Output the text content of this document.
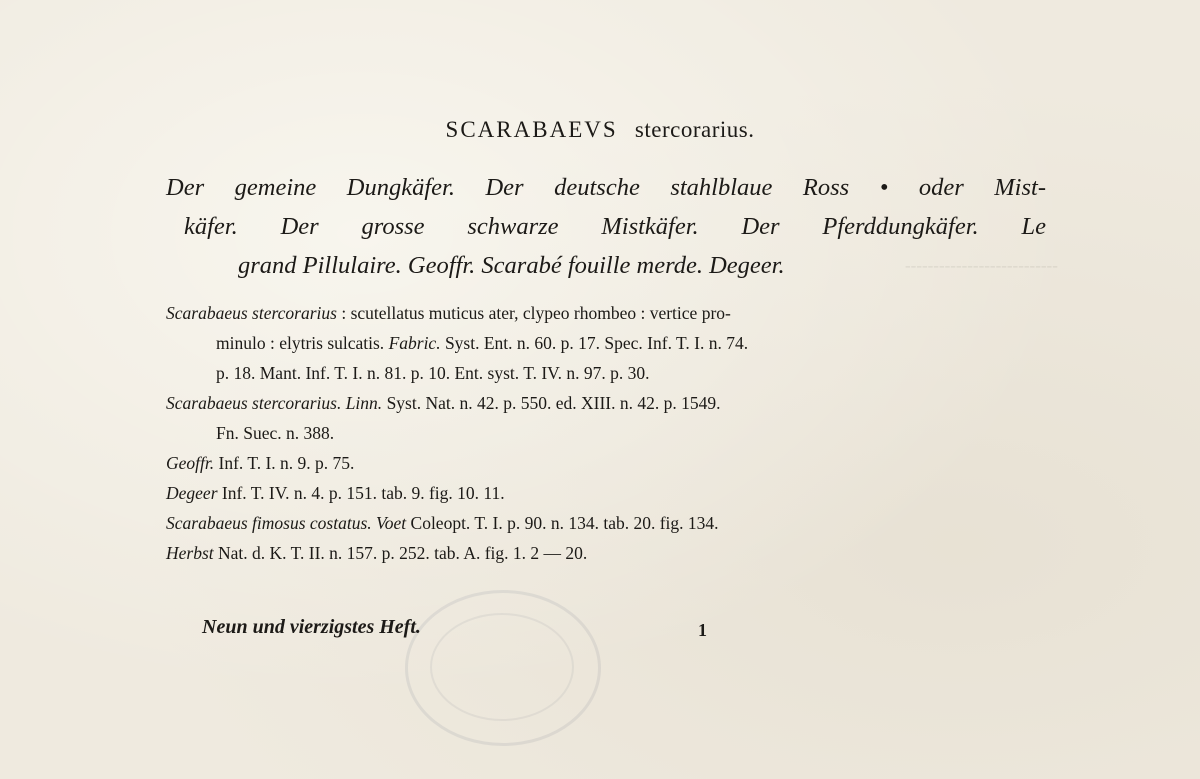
‑‑‑‑‑‑‑‑‑‑‑‑‑‑‑‑‑‑‑‑‑‑‑‑‑‑‑
SCARABAEVS stercorarius.
Der gemeine Dungkäfer. Der deutsche stahlblaue Ross • oder Mist-
käfer. Der grosse schwarze Mistkäfer. Der Pferddungkäfer. Le
grand Pillulaire. Geoffr. Scarabé fouille merde. Degeer.
Scarabaeus stercorarius : scutellatus muticus ater, clypeo rhombeo : vertice pro-
minulo : elytris sulcatis. Fabric. Syst. Ent. n. 60. p. 17. Spec. Inf. T. I. n. 74.
p. 18. Mant. Inf. T. I. n. 81. p. 10. Ent. syst. T. IV. n. 97. p. 30.
Scarabaeus stercorarius. Linn. Syst. Nat. n. 42. p. 550. ed. XIII. n. 42. p. 1549.
Fn. Suec. n. 388.
Geoffr. Inf. T. I. n. 9. p. 75.
Degeer Inf. T. IV. n. 4. p. 151. tab. 9. fig. 10. 11.
Scarabaeus fimosus costatus. Voet Coleopt. T. I. p. 90. n. 134. tab. 20. fig. 134.
Herbst Nat. d. K. T. II. n. 157. p. 252. tab. A. fig. 1. 2 — 20.
Neun und vierzigstes Heft.	1
